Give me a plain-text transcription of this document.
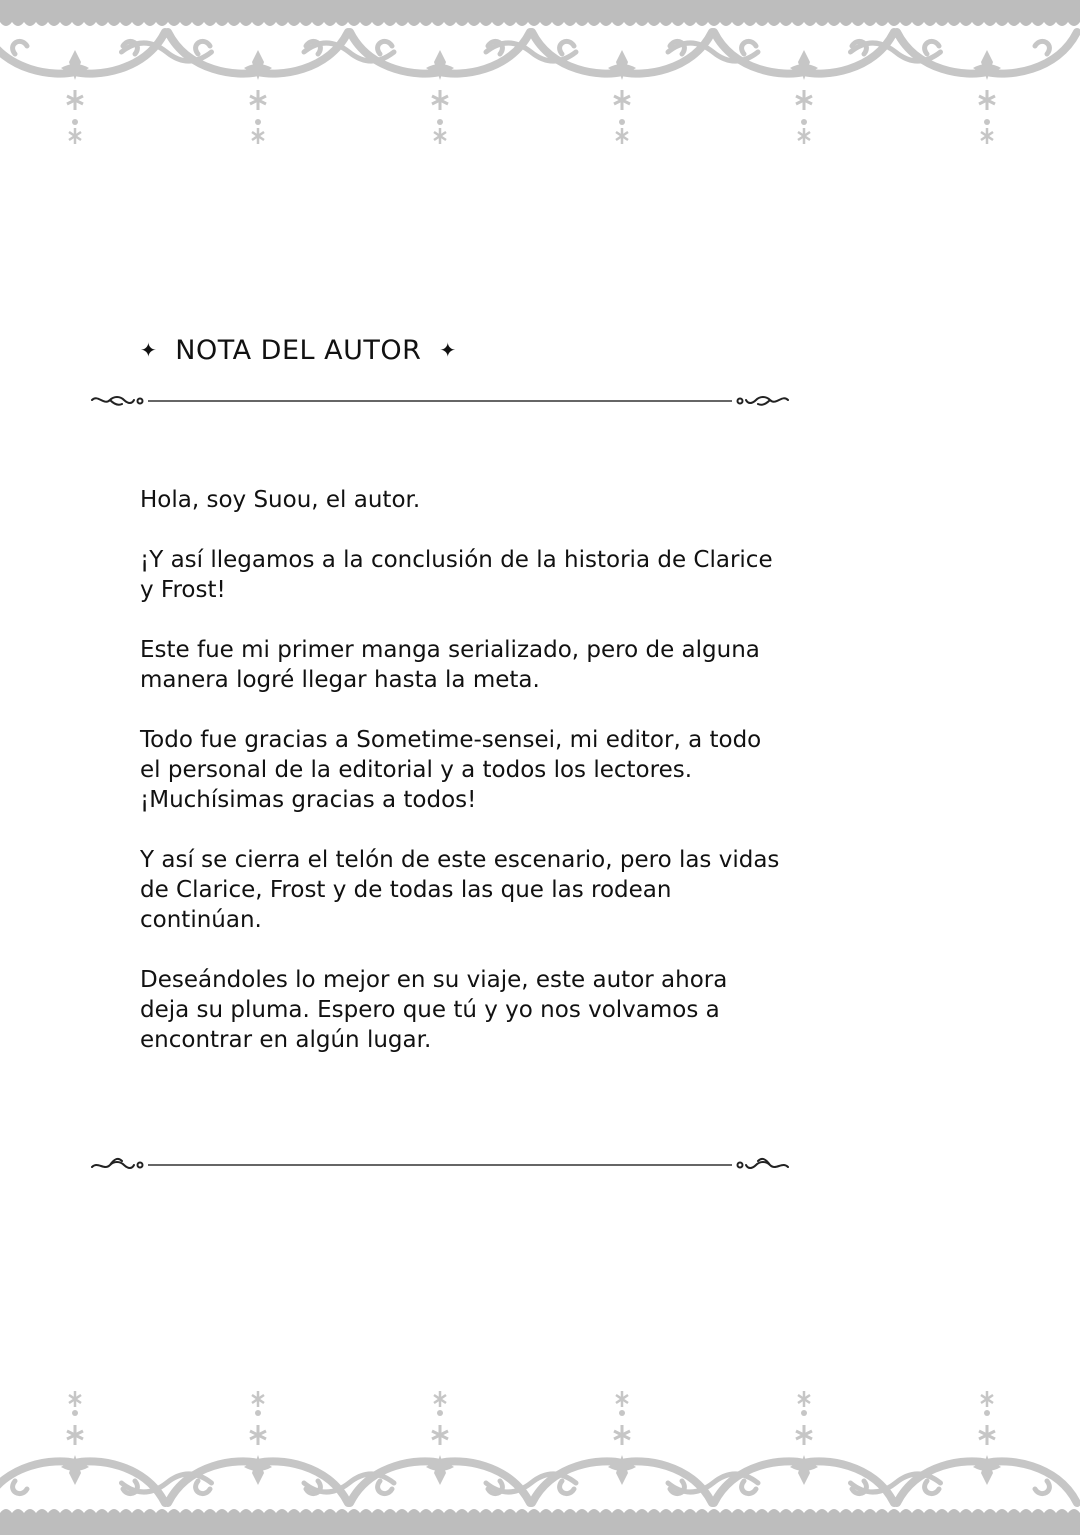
✦ NOTA DEL AUTOR ✦

Hola, soy Suou, el autor.

¡Y así llegamos a la conclusión de la historia de Clarice y Frost!

Este fue mi primer manga serializado, pero de alguna manera logré llegar hasta la meta.

Todo fue gracias a Sometime-sensei, mi editor, a todo el personal de la editorial y a todos los lectores. ¡Muchísimas gracias a todos!

Y así se cierra el telón de este escenario, pero las vidas de Clarice, Frost y de todas las que las rodean continúan.

Deseándoles lo mejor en su viaje, este autor ahora deja su pluma. Espero que tú y yo nos volvamos a encontrar en algún lugar.
